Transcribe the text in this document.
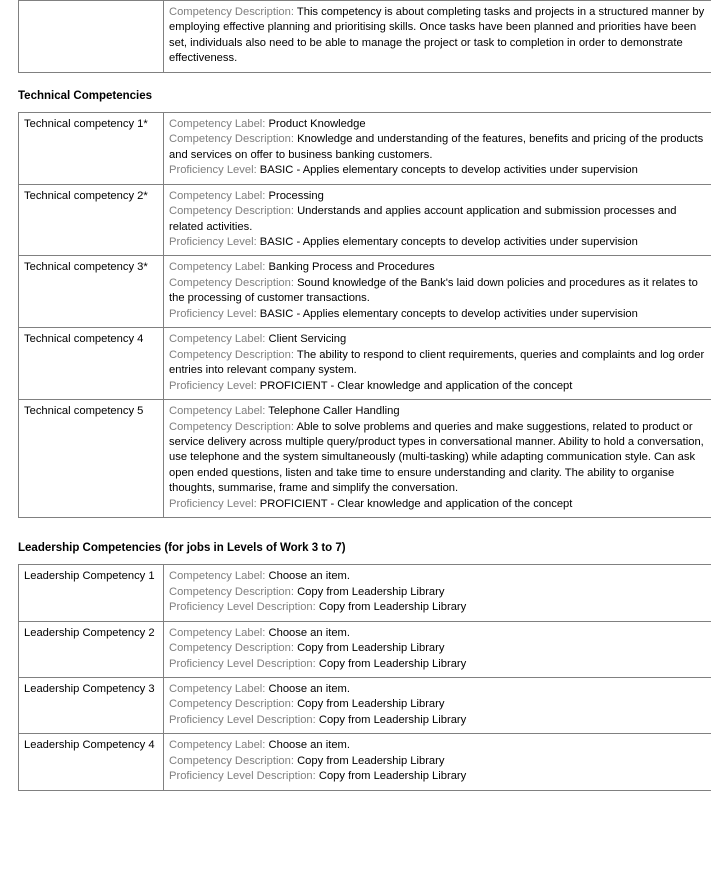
Competency Description: This competency is about completing tasks and projects in a structured manner by employing effective planning and prioritising skills. Once tasks have been planned and priorities have been set, individuals also need to be able to manage the project or task to completion in order to demonstrate effectiveness.

Technical Competencies

Technical competency 1*	Competency Label: Product Knowledge

Competency Description: Knowledge and understanding of the features, benefits and pricing of the products and services on offer to business banking customers.

Proficiency Level: BASIC - Applies elementary concepts to develop activities under supervision

Technical competency 2*	Competency Label: Processing

Competency Description: Understands and applies account application and submission processes and related activities.

Proficiency Level: BASIC - Applies elementary concepts to develop activities under supervision

Technical competency 3*	Competency Label: Banking Process and Procedures

Competency Description: Sound knowledge of the Bank's laid down policies and procedures as it relates to the processing of customer transactions.

Proficiency Level: BASIC - Applies elementary concepts to develop activities under supervision

Technical competency 4	Competency Label: Client Servicing

Competency Description: The ability to respond to client requirements, queries and complaints and log order entries into relevant company system.

Proficiency Level: PROFICIENT - Clear knowledge and application of the concept

Technical competency 5	Competency Label: Telephone Caller Handling

Competency Description: Able to solve problems and queries and make suggestions, related to product or service delivery across multiple query/product types in conversational manner. Ability to hold a conversation, use telephone and the system simultaneously (multi-tasking) while adapting communication style. Can ask open ended questions, listen and take time to ensure understanding and clarity. The ability to organise thoughts, summarise, frame and simplify the conversation.

Proficiency Level: PROFICIENT - Clear knowledge and application of the concept

Leadership Competencies (for jobs in Levels of Work 3 to 7)

Leadership Competency 1	Competency Label: Choose an item.

Competency Description: Copy from Leadership Library

Proficiency Level Description: Copy from Leadership Library

Leadership Competency 2	Competency Label: Choose an item.

Competency Description: Copy from Leadership Library

Proficiency Level Description: Copy from Leadership Library

Leadership Competency 3	Competency Label: Choose an item.

Competency Description: Copy from Leadership Library

Proficiency Level Description: Copy from Leadership Library

Leadership Competency 4	Competency Label: Choose an item.

Competency Description: Copy from Leadership Library

Proficiency Level Description: Copy from Leadership Library
